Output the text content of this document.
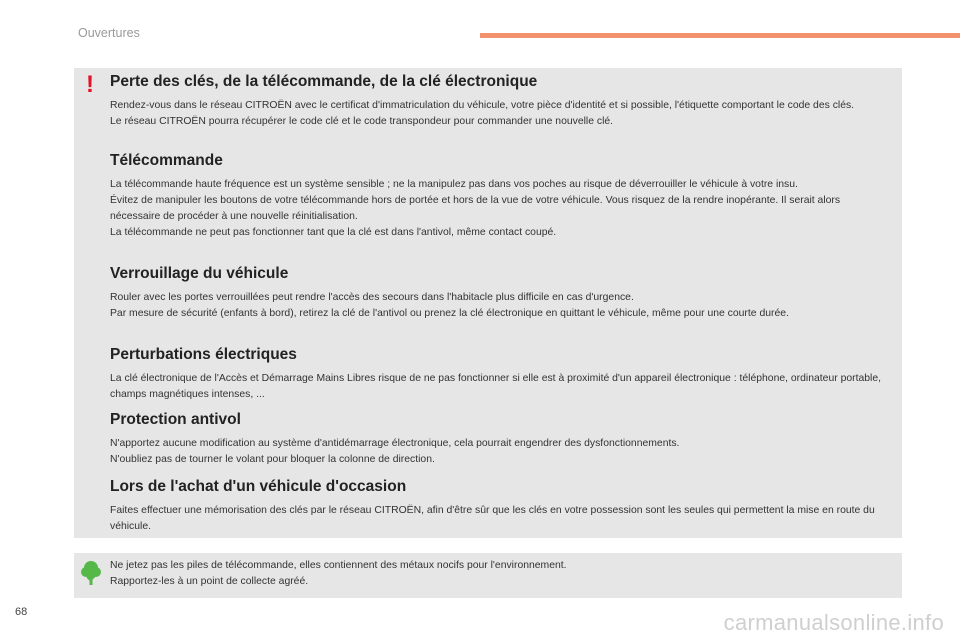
Ouvertures
! Perte des clés, de la télécommande, de la clé électronique

Rendez-vous dans le réseau CITROËN avec le certificat d'immatriculation du véhicule, votre pièce d'identité et si possible, l'étiquette comportant le code des clés.

Le réseau CITROËN pourra récupérer le code clé et le code transpondeur pour commander une nouvelle clé.

Télécommande

La télécommande haute fréquence est un système sensible ; ne la manipulez pas dans vos poches au risque de déverrouiller le véhicule à votre insu.

Évitez de manipuler les boutons de votre télécommande hors de portée et hors de la vue de votre véhicule. Vous risquez de la rendre inopérante. Il serait alors nécessaire de procéder à une nouvelle réinitialisation.

La télécommande ne peut pas fonctionner tant que la clé est dans l'antivol, même contact coupé.

Verrouillage du véhicule

Rouler avec les portes verrouillées peut rendre l'accès des secours dans l'habitacle plus difficile en cas d'urgence.

Par mesure de sécurité (enfants à bord), retirez la clé de l'antivol ou prenez la clé électronique en quittant le véhicule, même pour une courte durée.

Perturbations électriques

La clé électronique de l'Accès et Démarrage Mains Libres risque de ne pas fonctionner si elle est à proximité d'un appareil électronique : téléphone, ordinateur portable, champs magnétiques intenses, ...

Protection antivol

N'apportez aucune modification au système d'antidémarrage électronique, cela pourrait engendrer des dysfonctionnements.

N'oubliez pas de tourner le volant pour bloquer la colonne de direction.

Lors de l'achat d'un véhicule d'occasion

Faites effectuer une mémorisation des clés par le réseau CITROËN, afin d'être sûr que les clés en votre possession sont les seules qui permettent la mise en route du véhicule.

Ne jetez pas les piles de télécommande, elles contiennent des métaux nocifs pour l'environnement.
Rapportez-les à un point de collecte agréé.

68	carmanualsonline.info
